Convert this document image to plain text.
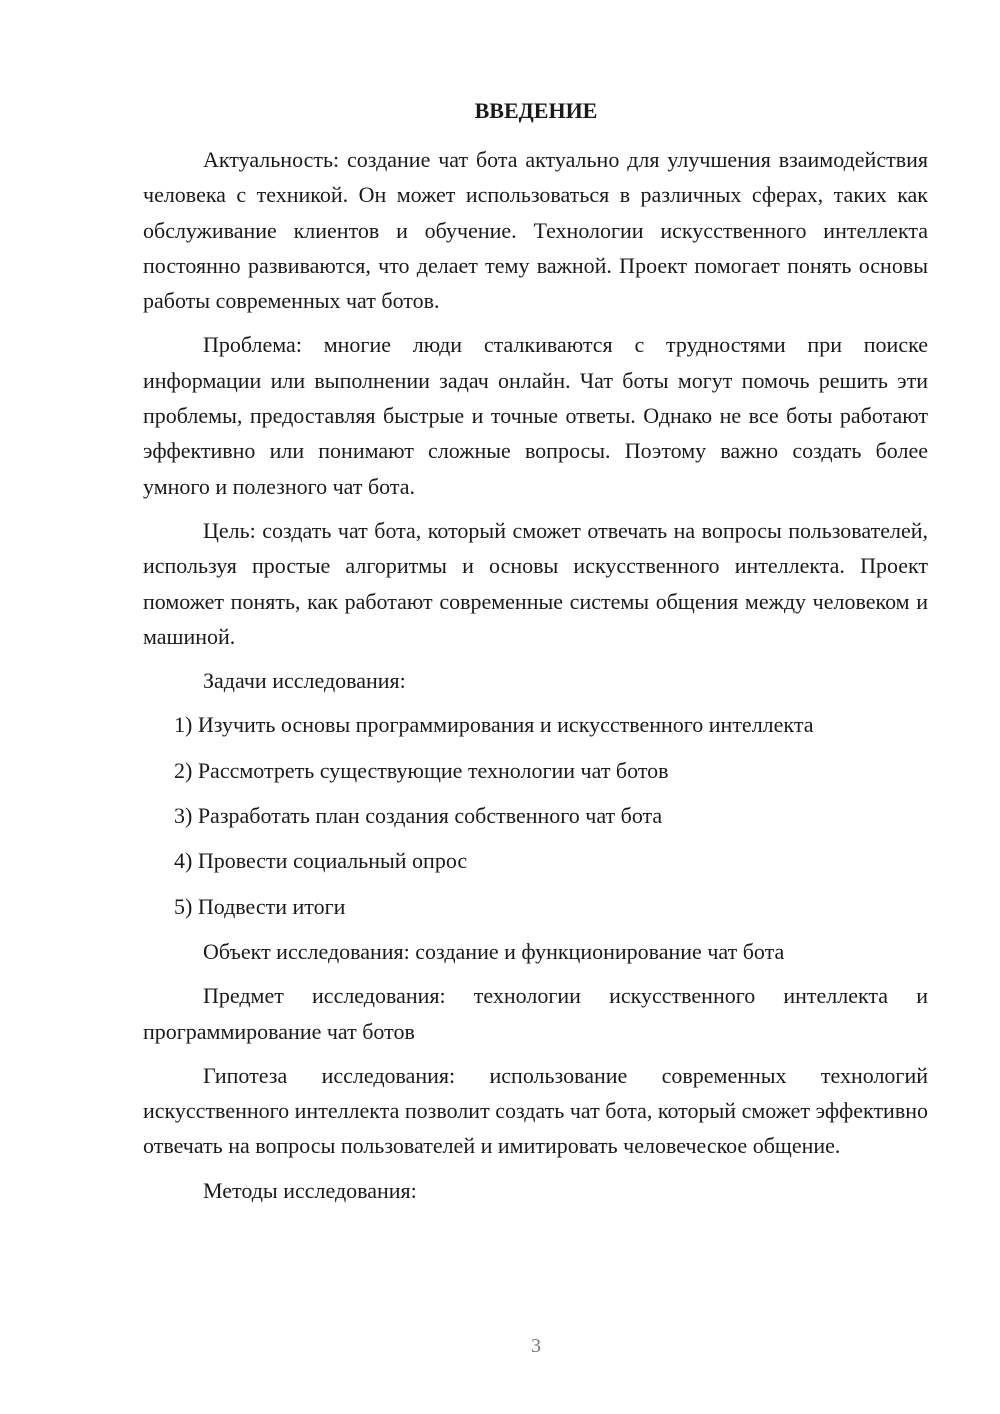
ВВЕДЕНИЕ

Актуальность: создание чат бота актуально для улучшения взаимодействия человека с техникой. Он может использоваться в различных сферах, таких как обслуживание клиентов и обучение. Технологии искусственного интеллекта постоянно развиваются, что делает тему важной. Проект помогает понять основы работы современных чат ботов.

Проблема: многие люди сталкиваются с трудностями при поиске информации или выполнении задач онлайн. Чат боты могут помочь решить эти проблемы, предоставляя быстрые и точные ответы. Однако не все боты работают эффективно или понимают сложные вопросы. Поэтому важно создать более умного и полезного чат бота.

Цель: создать чат бота, который сможет отвечать на вопросы пользователей, используя простые алгоритмы и основы искусственного интеллекта. Проект поможет понять, как работают современные системы общения между человеком и машиной.

Задачи исследования:

1) Изучить основы программирования и искусственного интеллекта
2) Рассмотреть существующие технологии чат ботов
3) Разработать план создания собственного чат бота
4) Провести социальный опрос
5) Подвести итоги

Объект исследования: создание и функционирование чат бота

Предмет исследования: технологии искусственного интеллекта и программирование чат ботов

Гипотеза исследования: использование современных технологий искусственного интеллекта позволит создать чат бота, который сможет эффективно отвечать на вопросы пользователей и имитировать человеческое общение.

Методы исследования:

3
